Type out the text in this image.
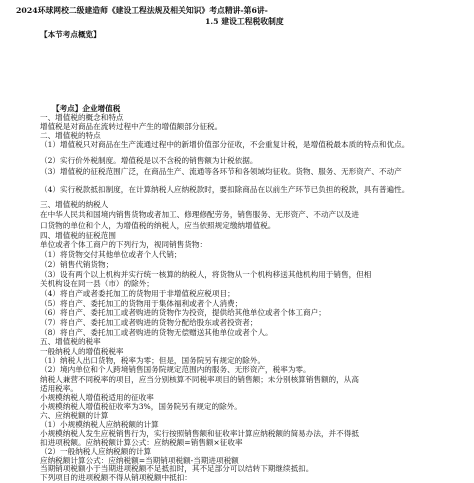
2024环球网校二级建造师《建设工程法规及相关知识》考点精讲-第6讲-
1.5 建设工程税收制度
【本节考点概览】
【考点】企业增值税
一、增值税的概念和特点
增值税是对商品在流转过程中产生的增值额部分征税。
二、增值税的特点
（1）增值税只对商品在生产流通过程中的新增价值部分征收，不会重复计税，是增值税最本质的特点和优点。
（2）实行价外税制度。增值税是以不含税的销售额为计税依据。
（3）增值税的征税范围广泛，在商品生产、流通等各环节和各领域均征收。货物、服务、无形资产、不动产
（4）实行税款抵扣制度，在计算纳税人应纳税款时，要扣除商品在以前生产环节已负担的税款，具有普遍性。
三、增值税的纳税人
在中华人民共和国境内销售货物或者加工、修理修配劳务，销售服务、无形资产、不动产以及进
口货物的单位和个人，为增值税的纳税人，应当依照规定缴纳增值税。
四、增值税的征税范围
单位或者个体工商户的下列行为，视同销售货物：
（1）将货物交付其他单位或者个人代销；
（2）销售代销货物；
（3）设有两个以上机构并实行统一核算的纳税人，将货物从一个机构移送其他机构用于销售，但相
关机构设在同一县（市）的除外；
（4）将自产或者委托加工的货物用于非增值税应税项目；
（5）将自产、委托加工的货物用于集体福利或者个人消费；
（6）将自产、委托加工或者购进的货物作为投资，提供给其他单位或者个体工商户；
（7）将自产、委托加工或者购进的货物分配给股东或者投资者；
（8）将自产、委托加工或者购进的货物无偿赠送其他单位或者个人。
五、增值税的税率
一般纳税人的增值税税率
（1）纳税人出口货物，税率为零；但是，国务院另有规定的除外。
（2）境内单位和个人跨境销售国务院规定范围内的服务、无形资产，税率为零。
纳税人兼营不同税率的项目，应当分别核算不同税率项目的销售额；未分别核算销售额的，从高
适用税率。
小规模纳税人增值税适用的征收率
小规模纳税人增值税征收率为3%，国务院另有规定的除外。
六、应纳税额的计算
（1）小规模纳税人应纳税额的计算
小规模纳税人发生应税销售行为，实行按照销售额和征收率计算应纳税额的简易办法，并不得抵
扣进项税额。应纳税额计算公式：应纳税额=销售额×征收率
（2）一般纳税人应纳税额的计算
应纳税额计算公式：应纳税额=当期销项税额-当期进项税额
当期销项税额小于当期进项税额不足抵扣时，其不足部分可以结转下期继续抵扣。
下列项目的进项税额不得从销项税额中抵扣：
